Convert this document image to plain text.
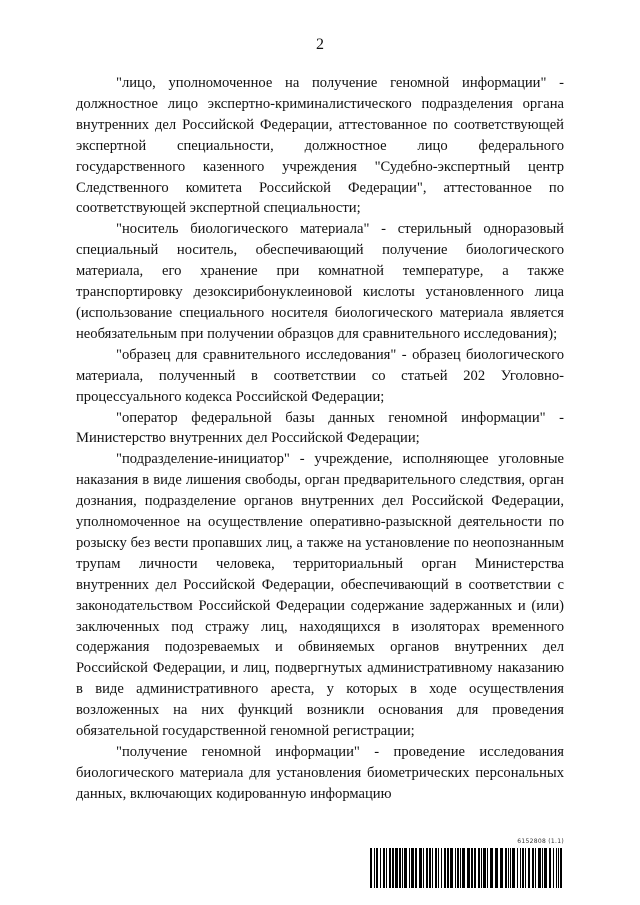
2

"лицо, уполномоченное на получение геномной информации" - должностное лицо экспертно-криминалистического подразделения органа внутренних дел Российской Федерации, аттестованное по соответствующей экспертной специальности, должностное лицо федерального государственного казенного учреждения "Судебно-экспертный центр Следственного комитета Российской Федерации", аттестованное по соответствующей экспертной специальности;

"носитель биологического материала" - стерильный одноразовый специальный носитель, обеспечивающий получение биологического материала, его хранение при комнатной температуре, а также транспортировку дезоксирибонуклеиновой кислоты установленного лица (использование специального носителя биологического материала является необязательным при получении образцов для сравнительного исследования);

"образец для сравнительного исследования" - образец биологического материала, полученный в соответствии со статьей 202 Уголовно-процессуального кодекса Российской Федерации;

"оператор федеральной базы данных геномной информации" - Министерство внутренних дел Российской Федерации;

"подразделение-инициатор" - учреждение, исполняющее уголовные наказания в виде лишения свободы, орган предварительного следствия, орган дознания, подразделение органов внутренних дел Российской Федерации, уполномоченное на осуществление оперативно-разыскной деятельности по розыску без вести пропавших лиц, а также на установление по неопознанным трупам личности человека, территориальный орган Министерства внутренних дел Российской Федерации, обеспечивающий в соответствии с законодательством Российской Федерации содержание задержанных и (или) заключенных под стражу лиц, находящихся в изоляторах временного содержания подозреваемых и обвиняемых органов внутренних дел Российской Федерации, и лиц, подвергнутых административному наказанию в виде административного ареста, у которых в ходе осуществления возложенных на них функций возникли основания для проведения обязательной государственной геномной регистрации;

"получение геномной информации" - проведение исследования биологического материала для установления биометрических персональных данных, включающих кодированную информацию

6152808 (1.1)
